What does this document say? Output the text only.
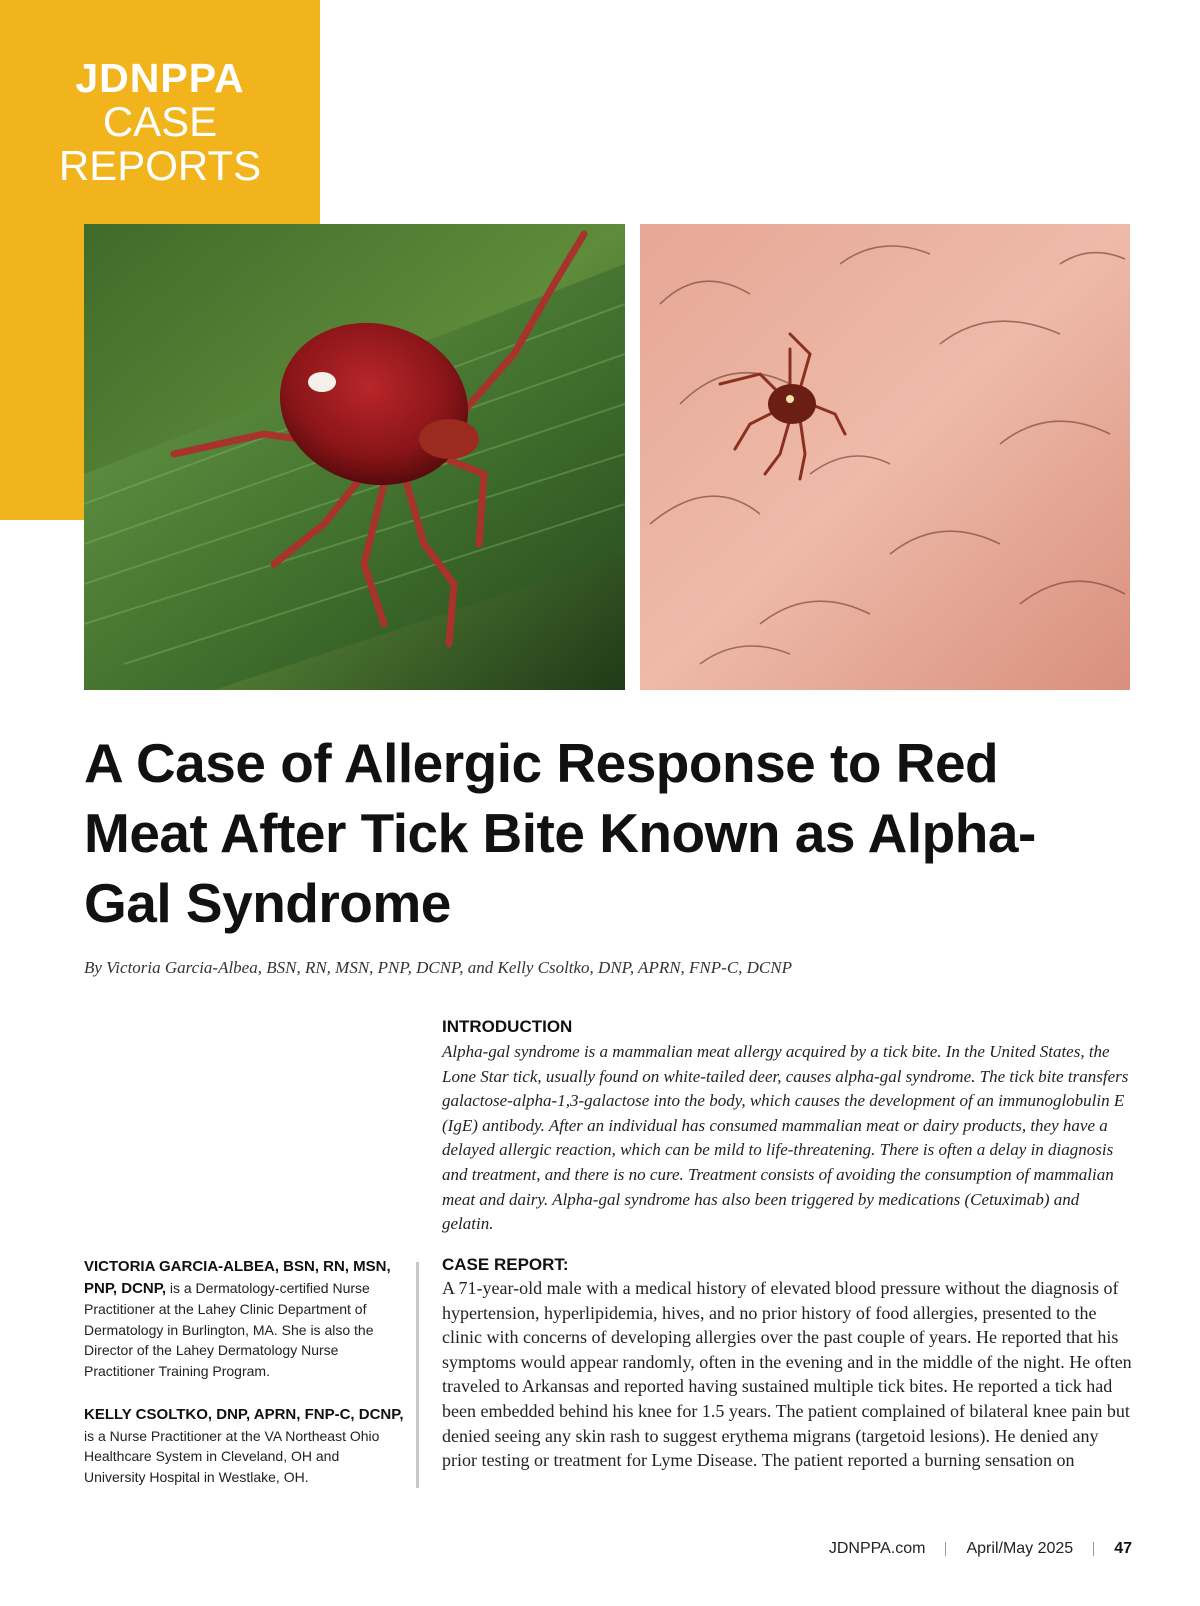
JDNPPA
CASE
REPORTS
A Case of Allergic Response to Red Meat After Tick Bite Known as Alpha-Gal Syndrome
By Victoria Garcia-Albea, BSN, RN, MSN, PNP, DCNP, and Kelly Csoltko, DNP, APRN, FNP-C, DCNP
INTRODUCTION

Alpha-gal syndrome is a mammalian meat allergy acquired by a tick bite. In the United States, the Lone Star tick, usually found on white-tailed deer, causes alpha-gal syndrome. The tick bite transfers galactose-alpha-1,3-galactose into the body, which causes the development of an immunoglobulin E (IgE) antibody. After an individual has consumed mammalian meat or dairy products, they have a delayed allergic reaction, which can be mild to life-threatening. There is often a delay in diagnosis and treatment, and there is no cure. Treatment consists of avoiding the consumption of mammalian meat and dairy. Alpha-gal syndrome has also been triggered by medications (Cetuximab) and gelatin.

VICTORIA GARCIA-ALBEA, BSN, RN, MSN, PNP, DCNP, is a Dermatology-certified Nurse Practitioner at the Lahey Clinic Department of Dermatology in Burlington, MA. She is also the Director of the Lahey Dermatology Nurse Practitioner Training Program.

KELLY CSOLTKO, DNP, APRN, FNP-C, DCNP, is a Nurse Practitioner at the VA Northeast Ohio Healthcare System in Cleveland, OH and University Hospital in Westlake, OH.

CASE REPORT:

A 71-year-old male with a medical history of elevated blood pressure without the diagnosis of hypertension, hyperlipidemia, hives, and no prior history of food allergies, presented to the clinic with concerns of developing allergies over the past couple of years. He reported that his symptoms would appear randomly, often in the evening and in the middle of the night. He often traveled to Arkansas and reported having sustained multiple tick bites. He reported a tick had been embedded behind his knee for 1.5 years. The patient complained of bilateral knee pain but denied seeing any skin rash to suggest erythema migrans (targetoid lesions). He denied any prior testing or treatment for Lyme Disease. The patient reported a burning sensation on

JDNPPA.com	April/May 2025	47
